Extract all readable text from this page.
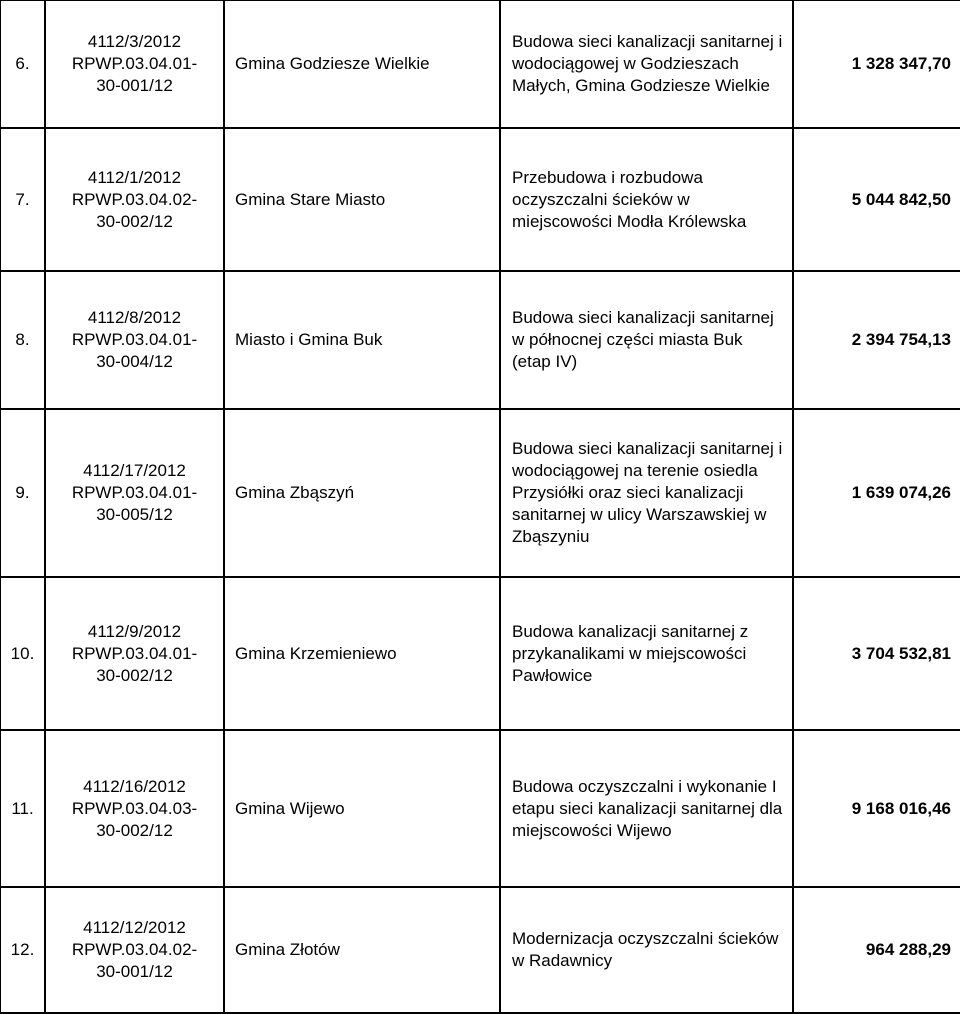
6.	4112/3/2012
RPWP.03.04.01-
30-001/12	Gmina Godziesze Wielkie	Budowa sieci kanalizacji sanitarnej i wodociągowej w Godzieszach Małych, Gmina Godziesze Wielkie	1 328 347,70
7.	4112/1/2012
RPWP.03.04.02-
30-002/12	Gmina Stare Miasto	Przebudowa i rozbudowa oczyszczalni ścieków w miejscowości Modła Królewska	5 044 842,50
8.	4112/8/2012
RPWP.03.04.01-
30-004/12	Miasto i Gmina Buk	Budowa sieci kanalizacji sanitarnej w północnej części miasta Buk (etap IV)	2 394 754,13
9.	4112/17/2012
RPWP.03.04.01-
30-005/12	Gmina Zbąszyń	Budowa sieci kanalizacji sanitarnej i wodociągowej na terenie osiedla Przysiółki oraz sieci kanalizacji sanitarnej w ulicy Warszawskiej w Zbąszyniu	1 639 074,26
10.	4112/9/2012
RPWP.03.04.01-
30-002/12	Gmina Krzemieniewo	Budowa kanalizacji sanitarnej z przykanalikami w miejscowości Pawłowice	3 704 532,81
11.	4112/16/2012
RPWP.03.04.03-
30-002/12	Gmina Wijewo	Budowa oczyszczalni i wykonanie I etapu sieci kanalizacji sanitarnej dla miejscowości Wijewo	9 168 016,46
12.	4112/12/2012
RPWP.03.04.02-
30-001/12	Gmina Złotów	Modernizacja oczyszczalni ścieków w Radawnicy	964 288,29
